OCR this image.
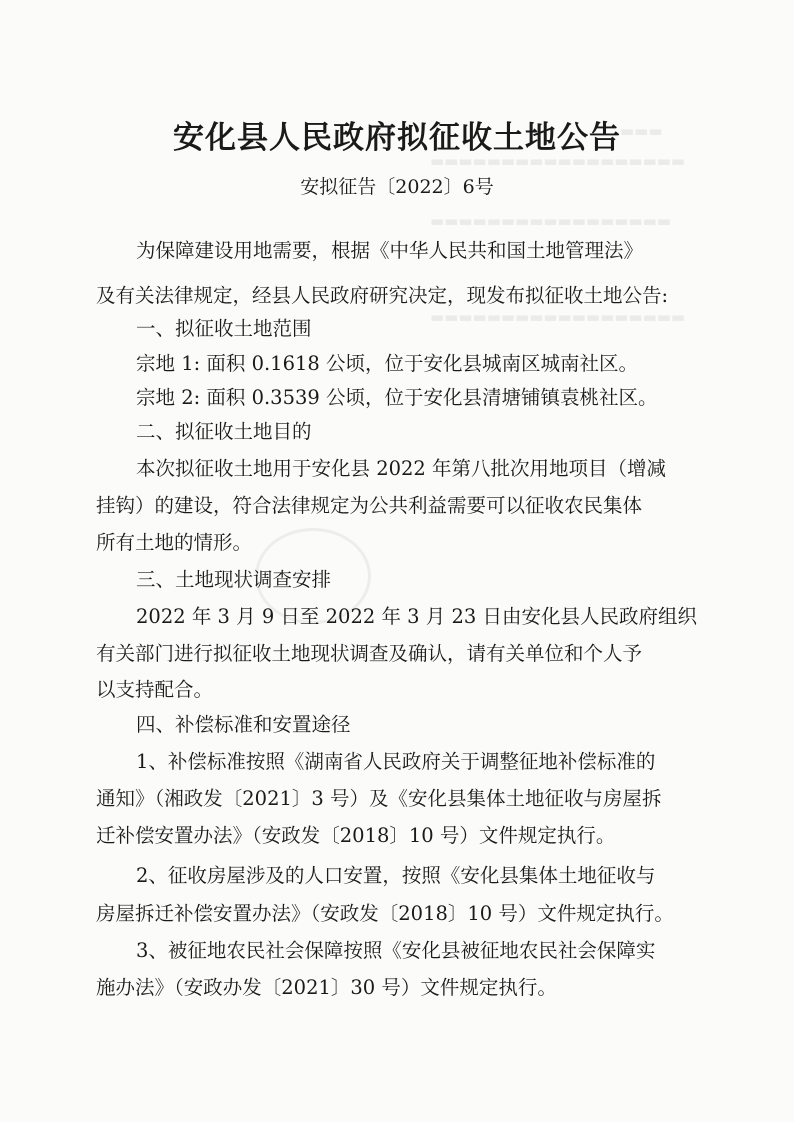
▬▬▬
▬▬▬▬▬▬▬▬▬▬▬▬▬▬▬▬▬▬
▬▬▬▬▬▬▬▬▬▬▬▬▬▬▬▬▬
▬▬▬▬▬▬▬▬▬▬▬▬▬▬▬▬▬▬
安化县人民政府拟征收土地公告
安拟征告〔2022〕6号
为保障建设用地需要，根据《中华人民共和国土地管理法》
及有关法律规定，经县人民政府研究决定，现发布拟征收土地公告:
一、拟征收土地范围
宗地 1: 面积 0.1618 公顷，位于安化县城南区城南社区。
宗地 2: 面积 0.3539 公顷，位于安化县清塘铺镇袁桃社区。
二、拟征收土地目的
本次拟征收土地用于安化县 2022 年第八批次用地项目（增减
挂钩）的建设，符合法律规定为公共利益需要可以征收农民集体
所有土地的情形。
三、土地现状调查安排
2022 年 3 月 9 日至 2022 年 3 月 23 日由安化县人民政府组织
有关部门进行拟征收土地现状调查及确认，请有关单位和个人予
以支持配合。
四、补偿标准和安置途径
1、补偿标准按照《湖南省人民政府关于调整征地补偿标准的
通知》（湘政发〔2021〕3 号）及《安化县集体土地征收与房屋拆
迁补偿安置办法》（安政发〔2018〕10 号）文件规定执行。
2、征收房屋涉及的人口安置，按照《安化县集体土地征收与
房屋拆迁补偿安置办法》（安政发〔2018〕10 号）文件规定执行。
3、被征地农民社会保障按照《安化县被征地农民社会保障实
施办法》（安政办发〔2021〕30 号）文件规定执行。
